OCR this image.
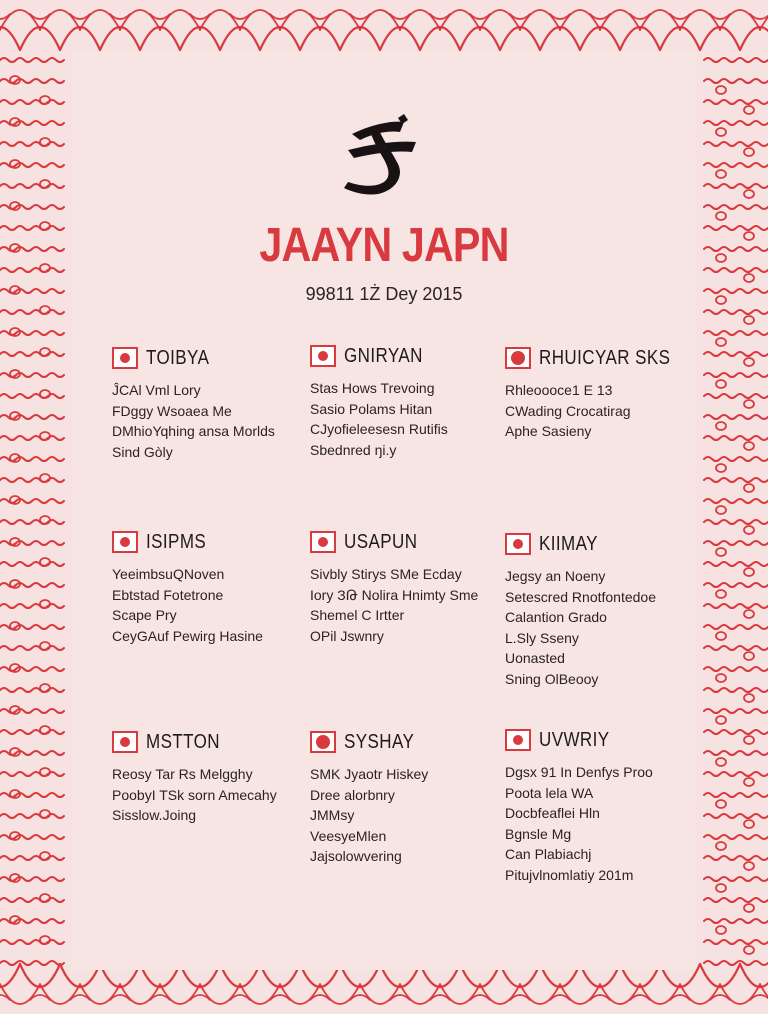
JAAYN JAPN
99811 1Ż Dey 2015
TOIBYA
ĴCAl Vml Lory
FDggy Wsoaea Me
DMhioYqhing ansa Morlds
Sind Gòly
GNIRYAN
Stas Hows Trevoing
Sasio Polams Hitan
CJyofieleesesn Rutifis
Sbednred ŋi.y
RHUICYAR SKS
Rhleoooce1 E 13
CWading Crocatirag
Aphe Sasieny
ISIPMS
YeeimbsuQNoven
Ebtstad Fotetrone
Scape Pry
CeyGAuf Pewirg Hasine
USAPUN
Sivbly Stirys SMe Ecday
Iory ЗԹ Nolira Hnimty Sme
Shemel C Irtter
OPil Jswnry
KIIMAY
Jegsy an Noeny
Setescred Rnotfontedoe
Calantion Grado
L.Sly Sseny
Uonasted
Sning OlBeooy
MSTTON
Reosy Tar Rs Melgghy
PoobyI TSk sorn Amecahy
Sisslow.Joing
SYSHAY
SMK Jyaotr Hiskey
Dree alorbnry
JMMsy
VeesyeMlen
Jajsolowvering
UVWRIY
Dgsx 91 In Denfys Proo
Poota lela WA
Docbfeaflei Hln
Bgnsle Mg
Can Plabiachj
Pitujvlnomlatiy 201m
